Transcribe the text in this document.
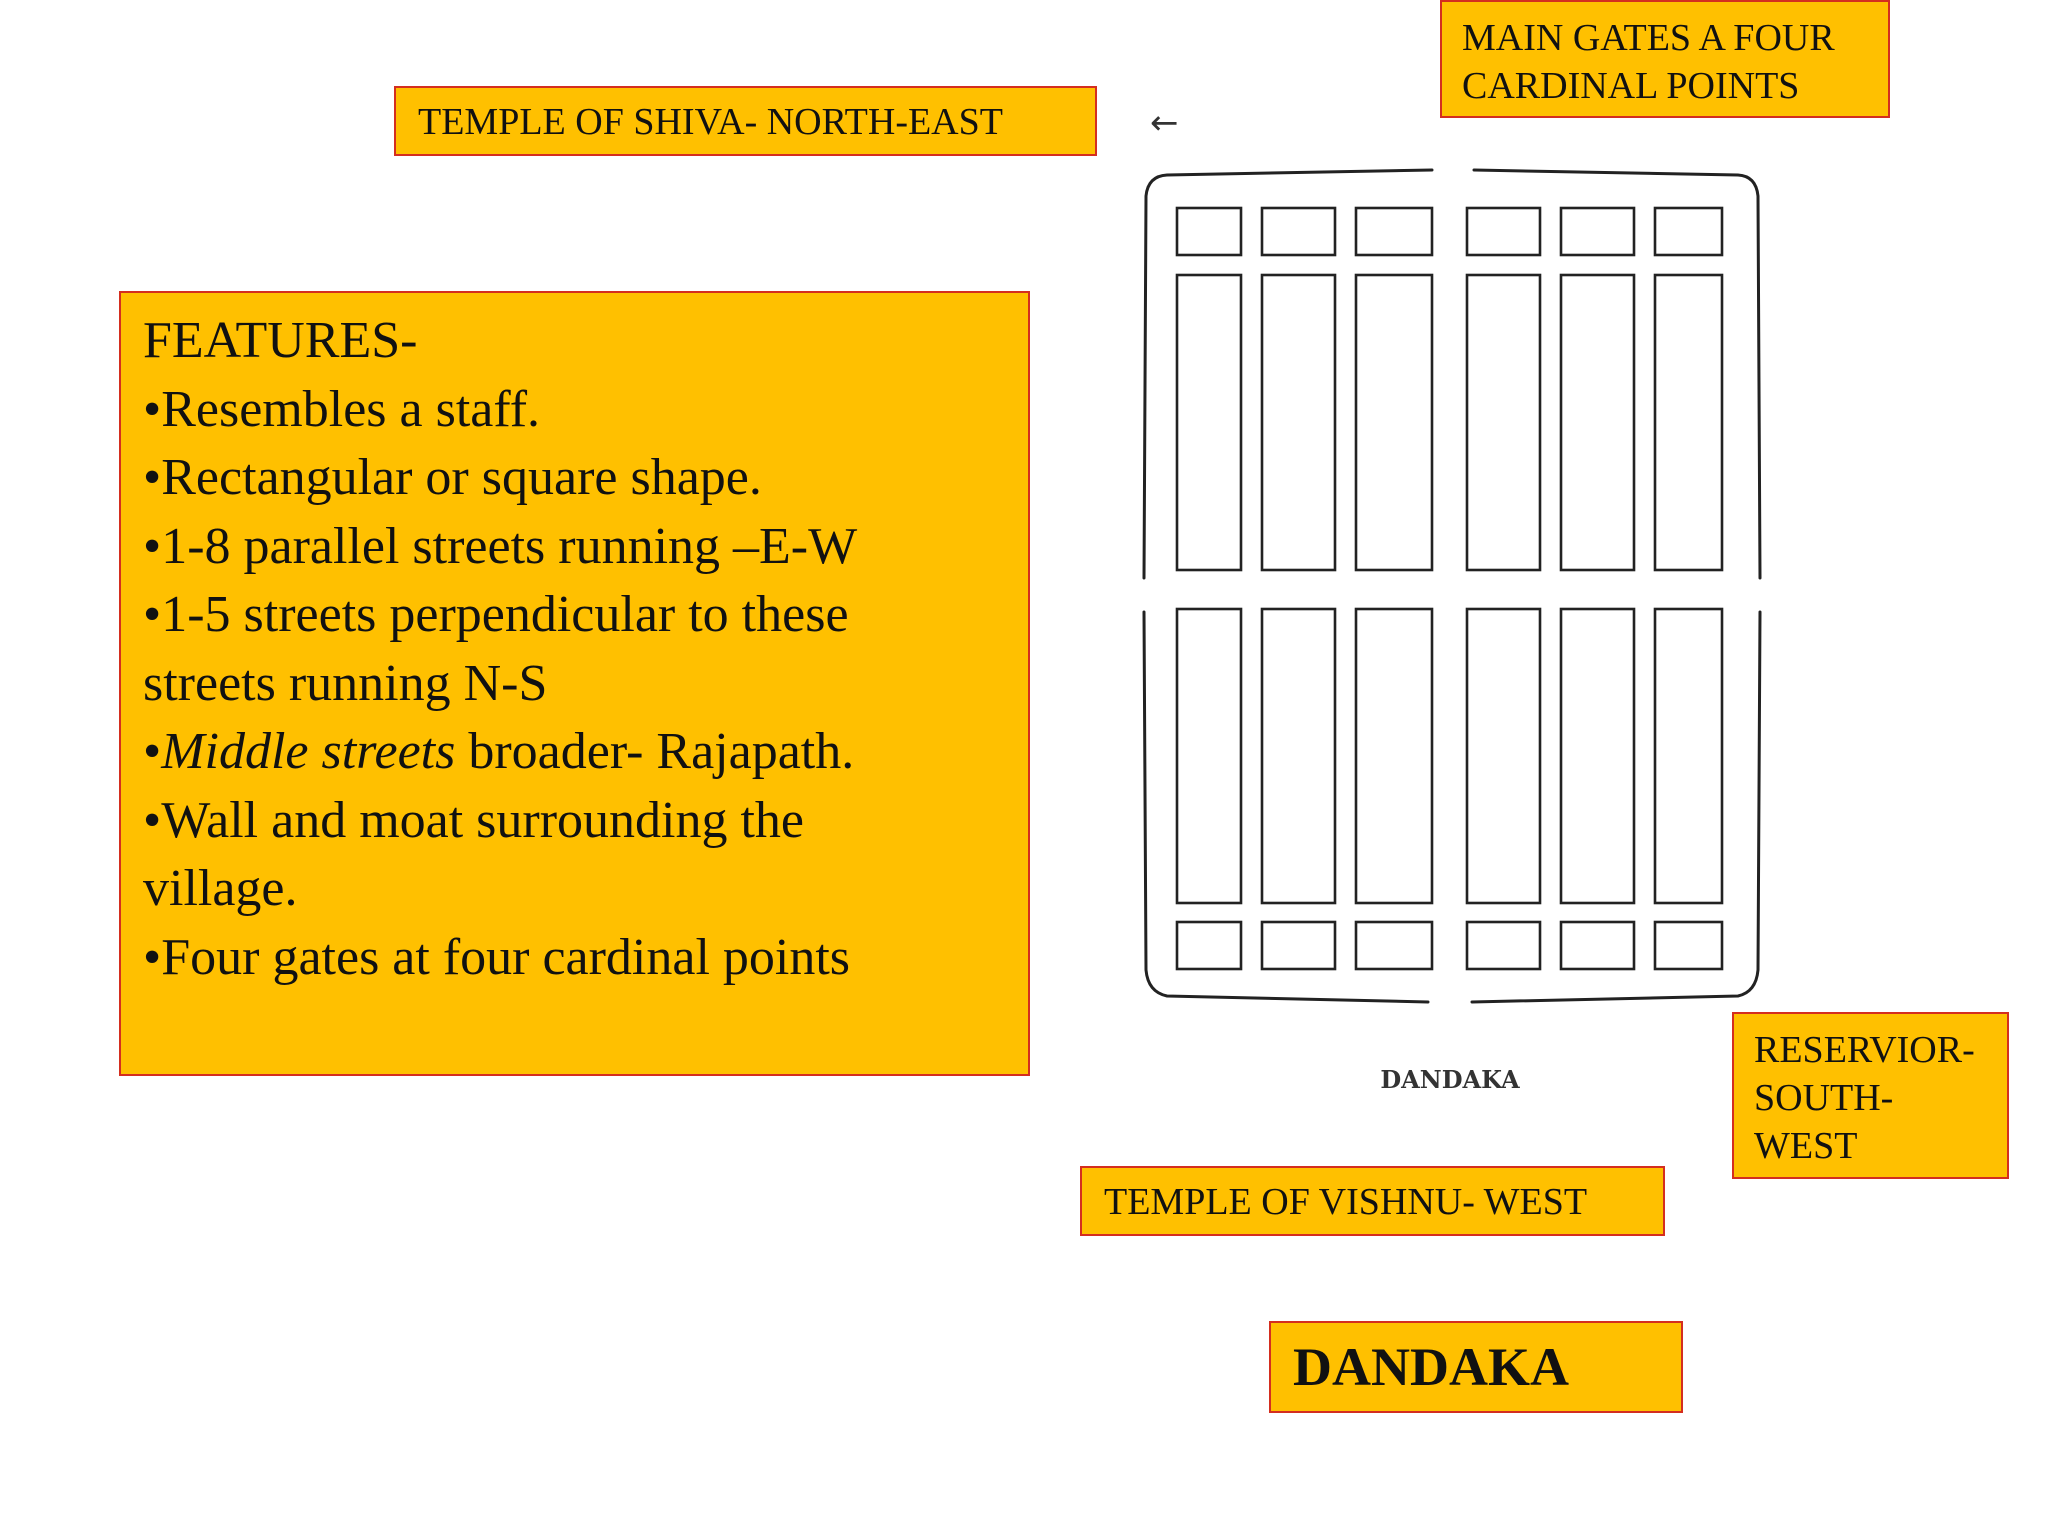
MAIN GATES A FOUR
CARDINAL POINTS
TEMPLE OF SHIVA- NORTH-EAST
FEATURES-
•Resembles a staff.
•Rectangular or square shape.
•1-8 parallel streets running –E-W
•1-5 streets perpendicular to these
streets running N-S
•Middle streets broader- Rajapath.
•Wall and moat surrounding the
village.
•Four gates at four cardinal points
←
DANDAKA
RESERVIOR-
SOUTH-
WEST
TEMPLE OF VISHNU- WEST
DANDAKA
